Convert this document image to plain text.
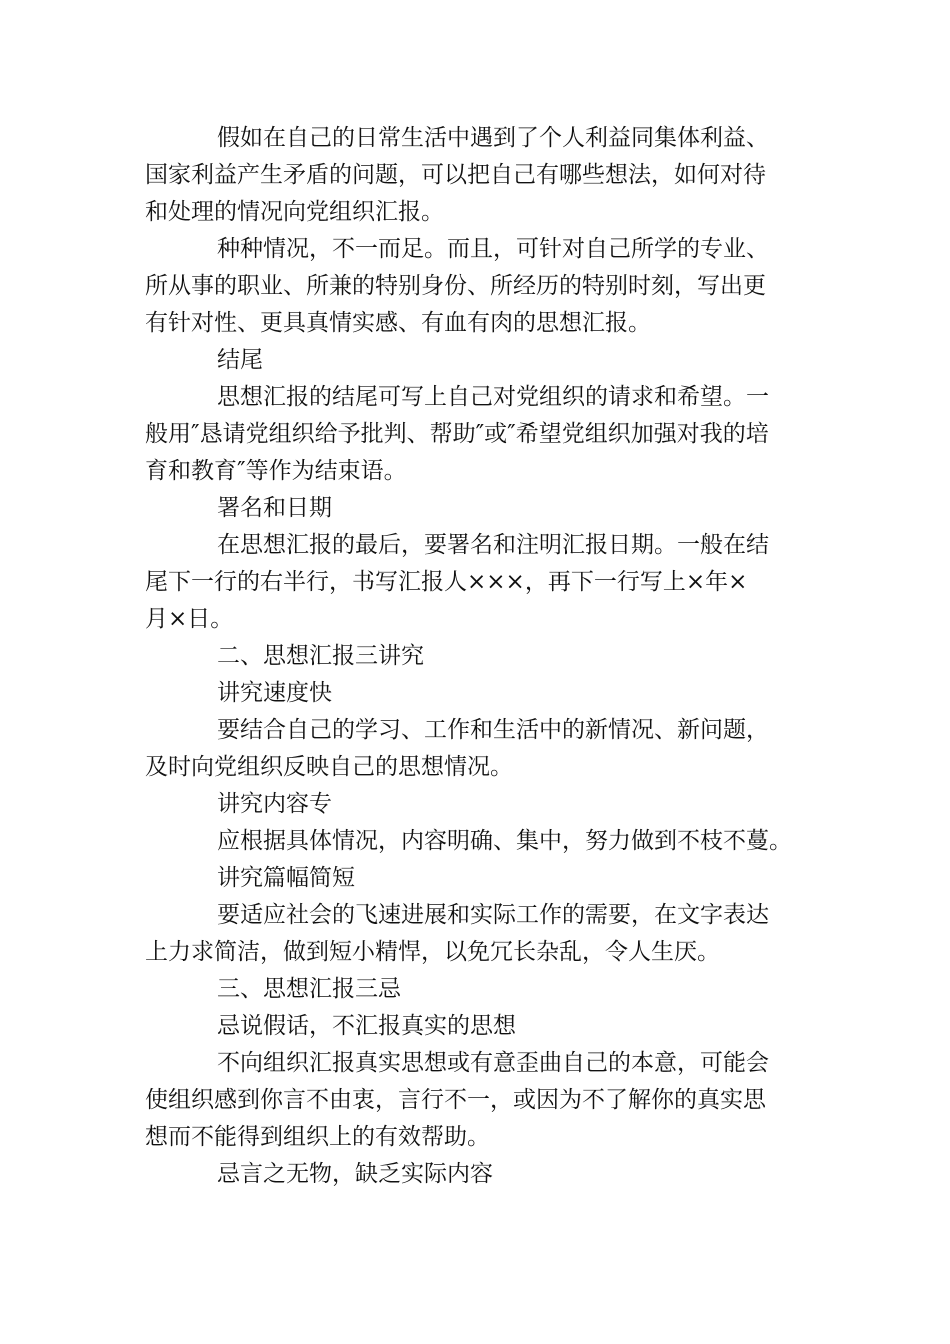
假如在自己的日常生活中遇到了个人利益同集体利益、
国家利益产生矛盾的问题，可以把自己有哪些想法，如何对待
和处理的情况向党组织汇报。
种种情况，不一而足。而且，可针对自己所学的专业、
所从事的职业、所兼的特别身份、所经历的特别时刻，写出更
有针对性、更具真情实感、有血有肉的思想汇报。
结尾
思想汇报的结尾可写上自己对党组织的请求和希望。一
般用″恳请党组织给予批判、帮助″或″希望党组织加强对我的培
育和教育″等作为结束语。
署名和日期
在思想汇报的最后，要署名和注明汇报日期。一般在结
尾下一行的右半行，书写汇报人×××，再下一行写上×年×
月×日。
二、思想汇报三讲究
讲究速度快
要结合自己的学习、工作和生活中的新情况、新问题，
及时向党组织反映自己的思想情况。
讲究内容专
应根据具体情况，内容明确、集中，努力做到不枝不蔓。
讲究篇幅简短
要适应社会的飞速进展和实际工作的需要，在文字表达
上力求简洁，做到短小精悍，以免冗长杂乱，令人生厌。
三、思想汇报三忌
忌说假话，不汇报真实的思想
不向组织汇报真实思想或有意歪曲自己的本意，可能会
使组织感到你言不由衷，言行不一，或因为不了解你的真实思
想而不能得到组织上的有效帮助。
忌言之无物，缺乏实际内容
